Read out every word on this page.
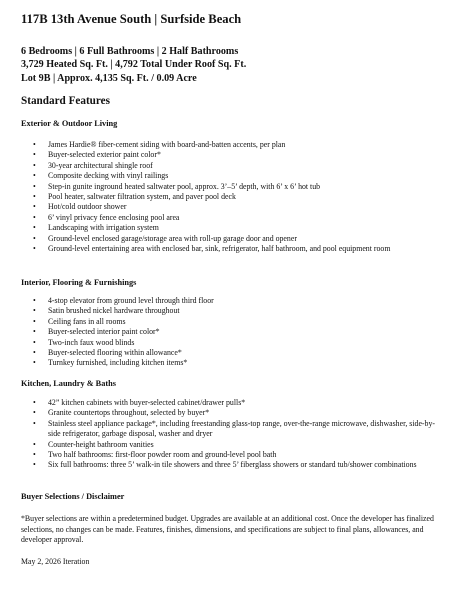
117B 13th Avenue South | Surfside Beach
6 Bedrooms | 6 Full Bathrooms | 2 Half Bathrooms
3,729 Heated Sq. Ft. | 4,792 Total Under Roof Sq. Ft.
Lot 9B | Approx. 4,135 Sq. Ft. / 0.09 Acre
Standard Features
Exterior & Outdoor Living
• James Hardie® fiber-cement siding with board-and-batten accents, per plan
• Buyer-selected exterior paint color*
• 30-year architectural shingle roof
• Composite decking with vinyl railings
• Step-in gunite inground heated saltwater pool, approx. 3’–5’ depth, with 6’ x 6’ hot tub
• Pool heater, saltwater filtration system, and paver pool deck
• Hot/cold outdoor shower
• 6’ vinyl privacy fence enclosing pool area
• Landscaping with irrigation system
• Ground-level enclosed garage/storage area with roll-up garage door and opener
• Ground-level entertaining area with enclosed bar, sink, refrigerator, half bathroom, and pool equipment room
Interior, Flooring & Furnishings
• 4-stop elevator from ground level through third floor
• Satin brushed nickel hardware throughout
• Ceiling fans in all rooms
• Buyer-selected interior paint color*
• Two-inch faux wood blinds
• Buyer-selected flooring within allowance*
• Turnkey furnished, including kitchen items*
Kitchen, Laundry & Baths
• 42” kitchen cabinets with buyer-selected cabinet/drawer pulls*
• Granite countertops throughout, selected by buyer*
• Stainless steel appliance package*, including freestanding glass-top range, over-the-range microwave, dishwasher, side-by-side refrigerator, garbage disposal, washer and dryer
• Counter-height bathroom vanities
• Two half bathrooms: first-floor powder room and ground-level pool bath
• Six full bathrooms: three 5’ walk-in tile showers and three 5’ fiberglass showers or standard tub/shower combinations
Buyer Selections / Disclaimer
*Buyer selections are within a predetermined budget. Upgrades are available at an additional cost. Once the developer has finalized selections, no changes can be made. Features, finishes, dimensions, and specifications are subject to final plans, allowances, and developer approval.
May 2, 2026 Iteration
